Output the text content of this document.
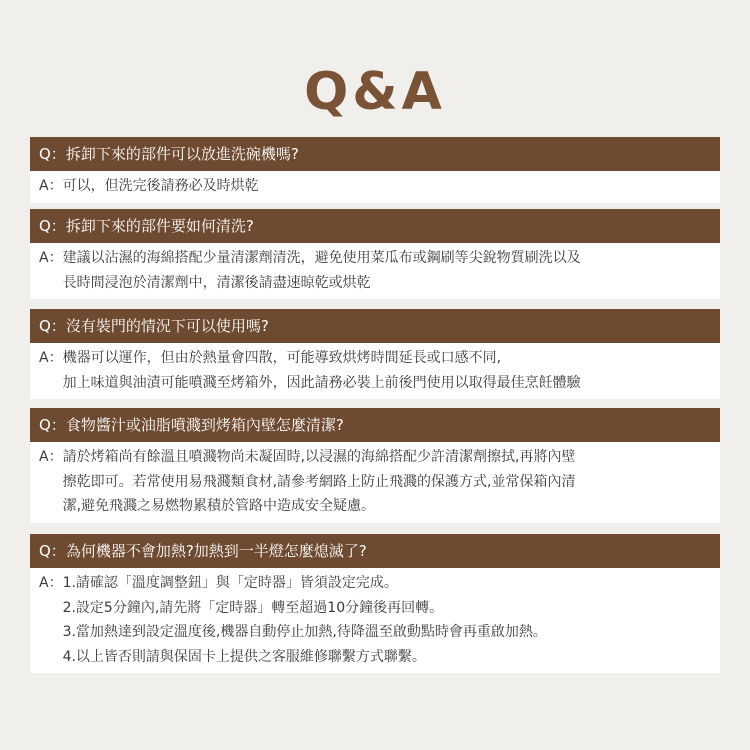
Q&A
Q：拆卸下來的部件可以放進洗碗機嗎?
A： 可以，但洗完後請務必及時烘乾
Q：拆卸下來的部件要如何清洗?
A： 建議以沾濕的海綿搭配少量清潔劑清洗，避免使用菜瓜布或鋼刷等尖銳物質刷洗以及
長時間浸泡於清潔劑中，清潔後請盡速晾乾或烘乾
Q：沒有裝門的情況下可以使用嗎?
A： 機器可以運作，但由於熱量會四散，可能導致烘烤時間延長或口感不同,
加上味道與油漬可能噴濺至烤箱外，因此請務必裝上前後門使用以取得最佳烹飪體驗
Q：食物醬汁或油脂噴濺到烤箱內壁怎麼清潔?
A： 請於烤箱尚有餘溫且噴濺物尚未凝固時,以浸濕的海綿搭配少許清潔劑擦拭,再將內壁
擦乾即可。若常使用易飛濺類食材,請參考網路上防止飛濺的保護方式,並常保箱內清
潔,避免飛濺之易燃物累積於管路中造成安全疑慮。
Q：為何機器不會加熱?加熱到一半燈怎麼熄滅了?
A： 1.請確認「溫度調整鈕」與「定時器」皆須設定完成。
2.設定5分鐘內,請先將「定時器」轉至超過10分鐘後再回轉。
3.當加熱達到設定溫度後,機器自動停止加熱,待降溫至啟動點時會再重啟加熱。
4.以上皆否則請與保固卡上提供之客服維修聯繫方式聯繫。
